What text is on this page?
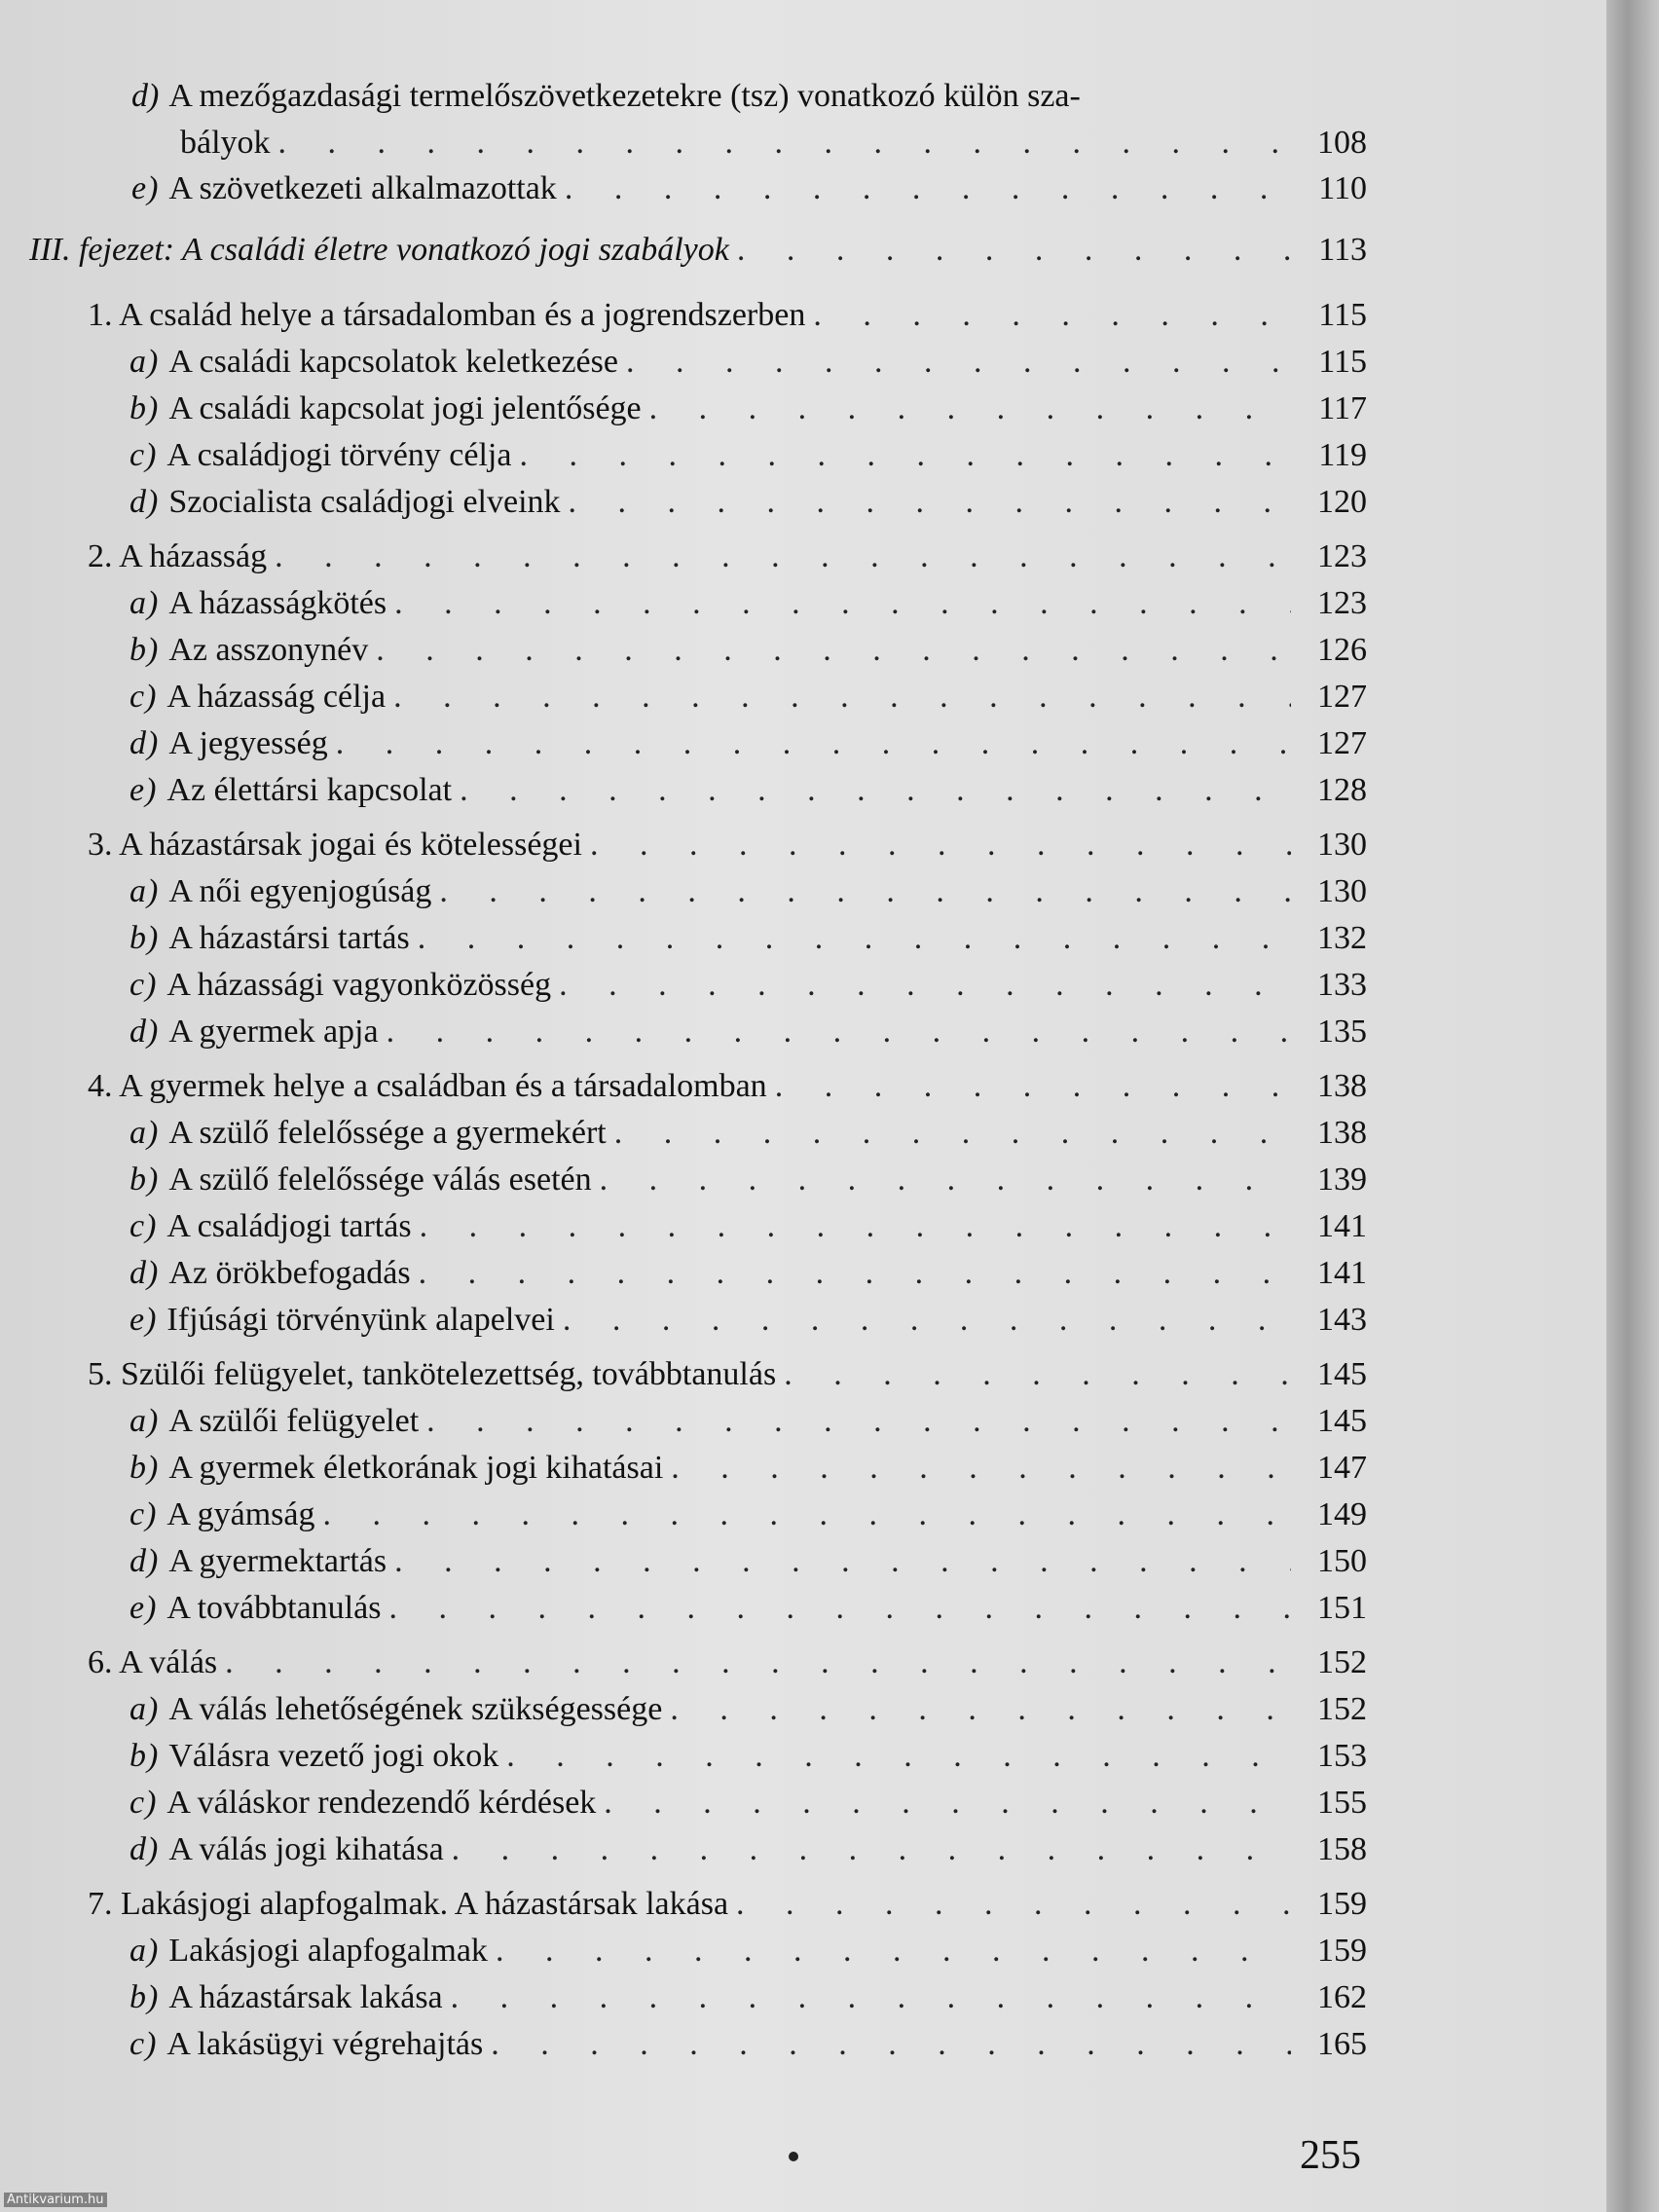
d) A mezőgazdasági termelőszövetkezetekre (tsz) vonatkozó külön sza-
bályok . . .	108
e) A szövetkezeti alkalmazottak . . .	110
III. fejezet: A családi életre vonatkozó jogi szabályok . . .	113
1. A család helye a társadalomban és a jogrendszerben . . .	115
a) A családi kapcsolatok keletkezése . . .	115
b) A családi kapcsolat jogi jelentősége . . .	117
c) A családjogi törvény célja . . .	119
d) Szocialista családjogi elveink . . .	120
2. A házasság . . .	123
a) A házasságkötés . . .	123
b) Az asszonynév . . .	126
c) A házasság célja . . .	127
d) A jegyesség . . .	127
e) Az élettársi kapcsolat . . .	128
3. A házastársak jogai és kötelességei . . .	130
a) A női egyenjogúság . . .	130
b) A házastársi tartás . . .	132
c) A házassági vagyonközösség . . .	133
d) A gyermek apja . . .	135
4. A gyermek helye a családban és a társadalomban . . .	138
a) A szülő felelőssége a gyermekért . . .	138
b) A szülő felelőssége válás esetén . . .	139
c) A családjogi tartás . . .	141
d) Az örökbefogadás . . .	141
e) Ifjúsági törvényünk alapelvei . . .	143
5. Szülői felügyelet, tankötelezettség, továbbtanulás . . .	145
a) A szülői felügyelet . . .	145
b) A gyermek életkorának jogi kihatásai . . .	147
c) A gyámság . . .	149
d) A gyermektartás . . .	150
e) A továbbtanulás . . .	151
6. A válás . . .	152
a) A válás lehetőségének szükségessége . . .	152
b) Válásra vezető jogi okok . . .	153
c) A váláskor rendezendő kérdések . . .	155
d) A válás jogi kihatása . . .	158
7. Lakásjogi alapfogalmak. A házastársak lakása . . .	159
a) Lakásjogi alapfogalmak . . .	159
b) A házastársak lakása . . .	162
c) A lakásügyi végrehajtás . . .	165
255
Antikvarium.hu
